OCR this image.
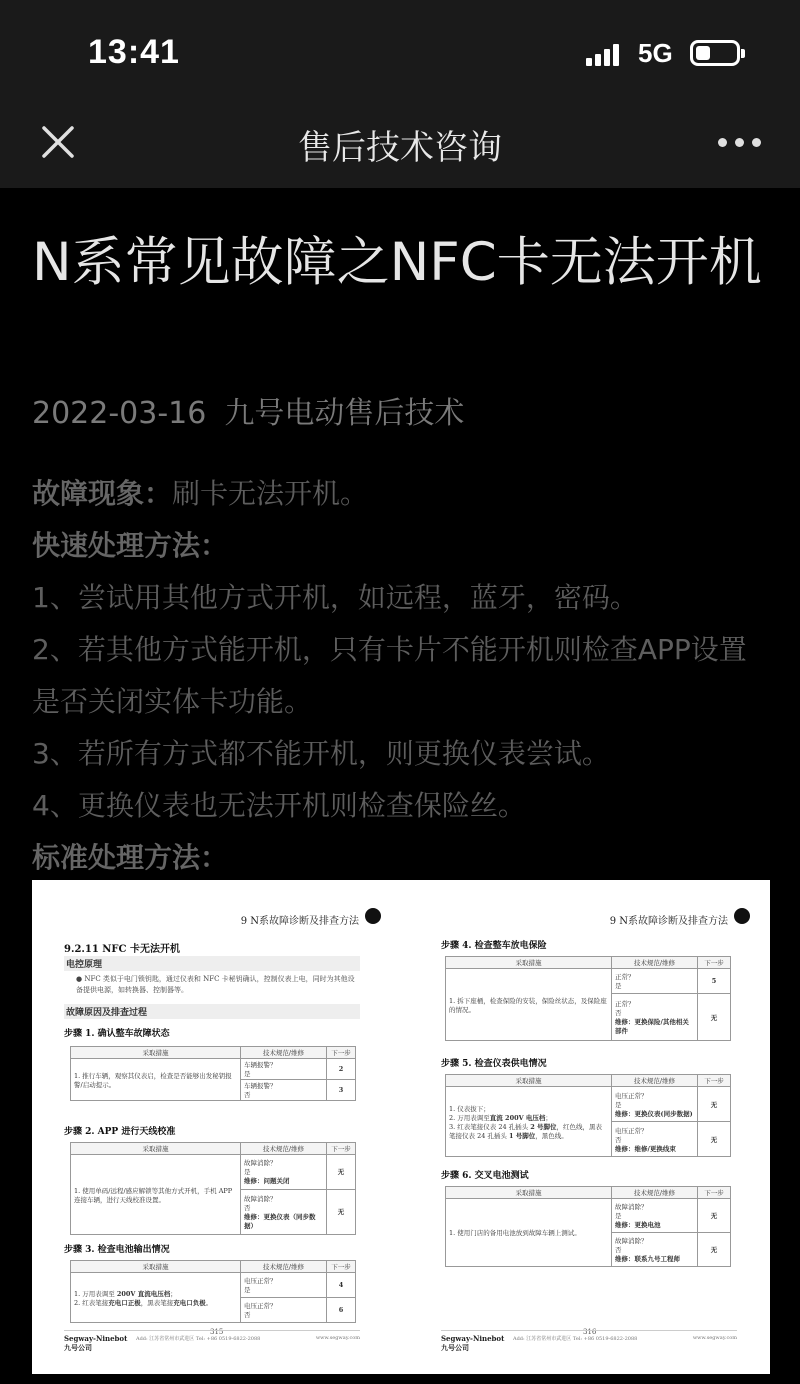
13:41	5G
售后技术咨询
N系常见故障之NFC卡无法开机
2022-03-16 九号电动售后技术
故障现象：刷卡无法开机。
快速处理方法：
1、尝试用其他方式开机，如远程，蓝牙，密码。
2、若其他方式能开机，只有卡片不能开机则检查APP设置是否关闭实体卡功能。
3、若所有方式都不能开机，则更换仪表尝试。
4、更换仪表也无法开机则检查保险丝。
标准处理方法：
9 N系故障诊断及排查方法
9.2.11 NFC 卡无法开机
电控原理
● NFC 类似于电门锁钥匙，通过仪表和 NFC 卡秘钥确认，控制仪表上电，同时为其他设备提供电源，如转换器、控制器等。
故障原因及排查过程
步骤 1. 确认整车故障状态
采取措施	技术规范/维修	下一步
1. 推行车辆，观察其仪表启，检查是否能够出发秘钥报警/启动提示。	车辆报警？
是	2
	车辆报警？
否	3
步骤 2. APP 进行天线校准
采取措施	技术规范/维修	下一步
1. 使用单码/远程/感应解锁等其他方式开机，手机 APP 连接车辆，进行天线校准设置。	故障消除？
是
维修：问题关闭	无
	故障消除？
否
维修：更换仪表（同步数据）	无
步骤 3. 检查电池输出情况
采取措施	技术规范/维修	下一步
1. 万用表调至 200V 直流电压档；
2. 红表笔接充电口正极，黑表笔接充电口负极。	电压正常？
是	4
	电压正常？
否	6
315
Segway-Ninebot
九号公司
Add: 江苏省常州市武进区 Tel: +86 0519-6822-2088	www.segway.com
9 N系故障诊断及排查方法
步骤 4. 检查整车放电保险
采取措施	技术规范/维修	下一步
1. 拆下座桶，检查保险的安装，保险丝状态，及保险座的情况。	正常？
是	5
	正常？
否
维修：更换保险/其他相关部件	无
步骤 5. 检查仪表供电情况
采取措施	技术规范/维修	下一步
1. 仪表拔下；
2. 万用表调至直流 200V 电压档；
3. 红表笔接仪表 24 孔插头 2 号脚位，红色线，黑表笔接仪表 24 孔插头 1 号脚位，黑色线。	电压正常？
是
维修：更换仪表(同步数据)	无
	电压正常？
否
维修：维修/更换线束	无
步骤 6. 交叉电池测试
采取措施	技术规范/维修	下一步
1. 使用门店的备用电池放到故障车辆上测试。	故障消除？
是
维修：更换电池	无
	故障消除？
否
维修：联系九号工程师	无
316
Segway-Ninebot
九号公司
Add: 江苏省常州市武进区 Tel: +86 0519-6822-2088	www.segway.com
